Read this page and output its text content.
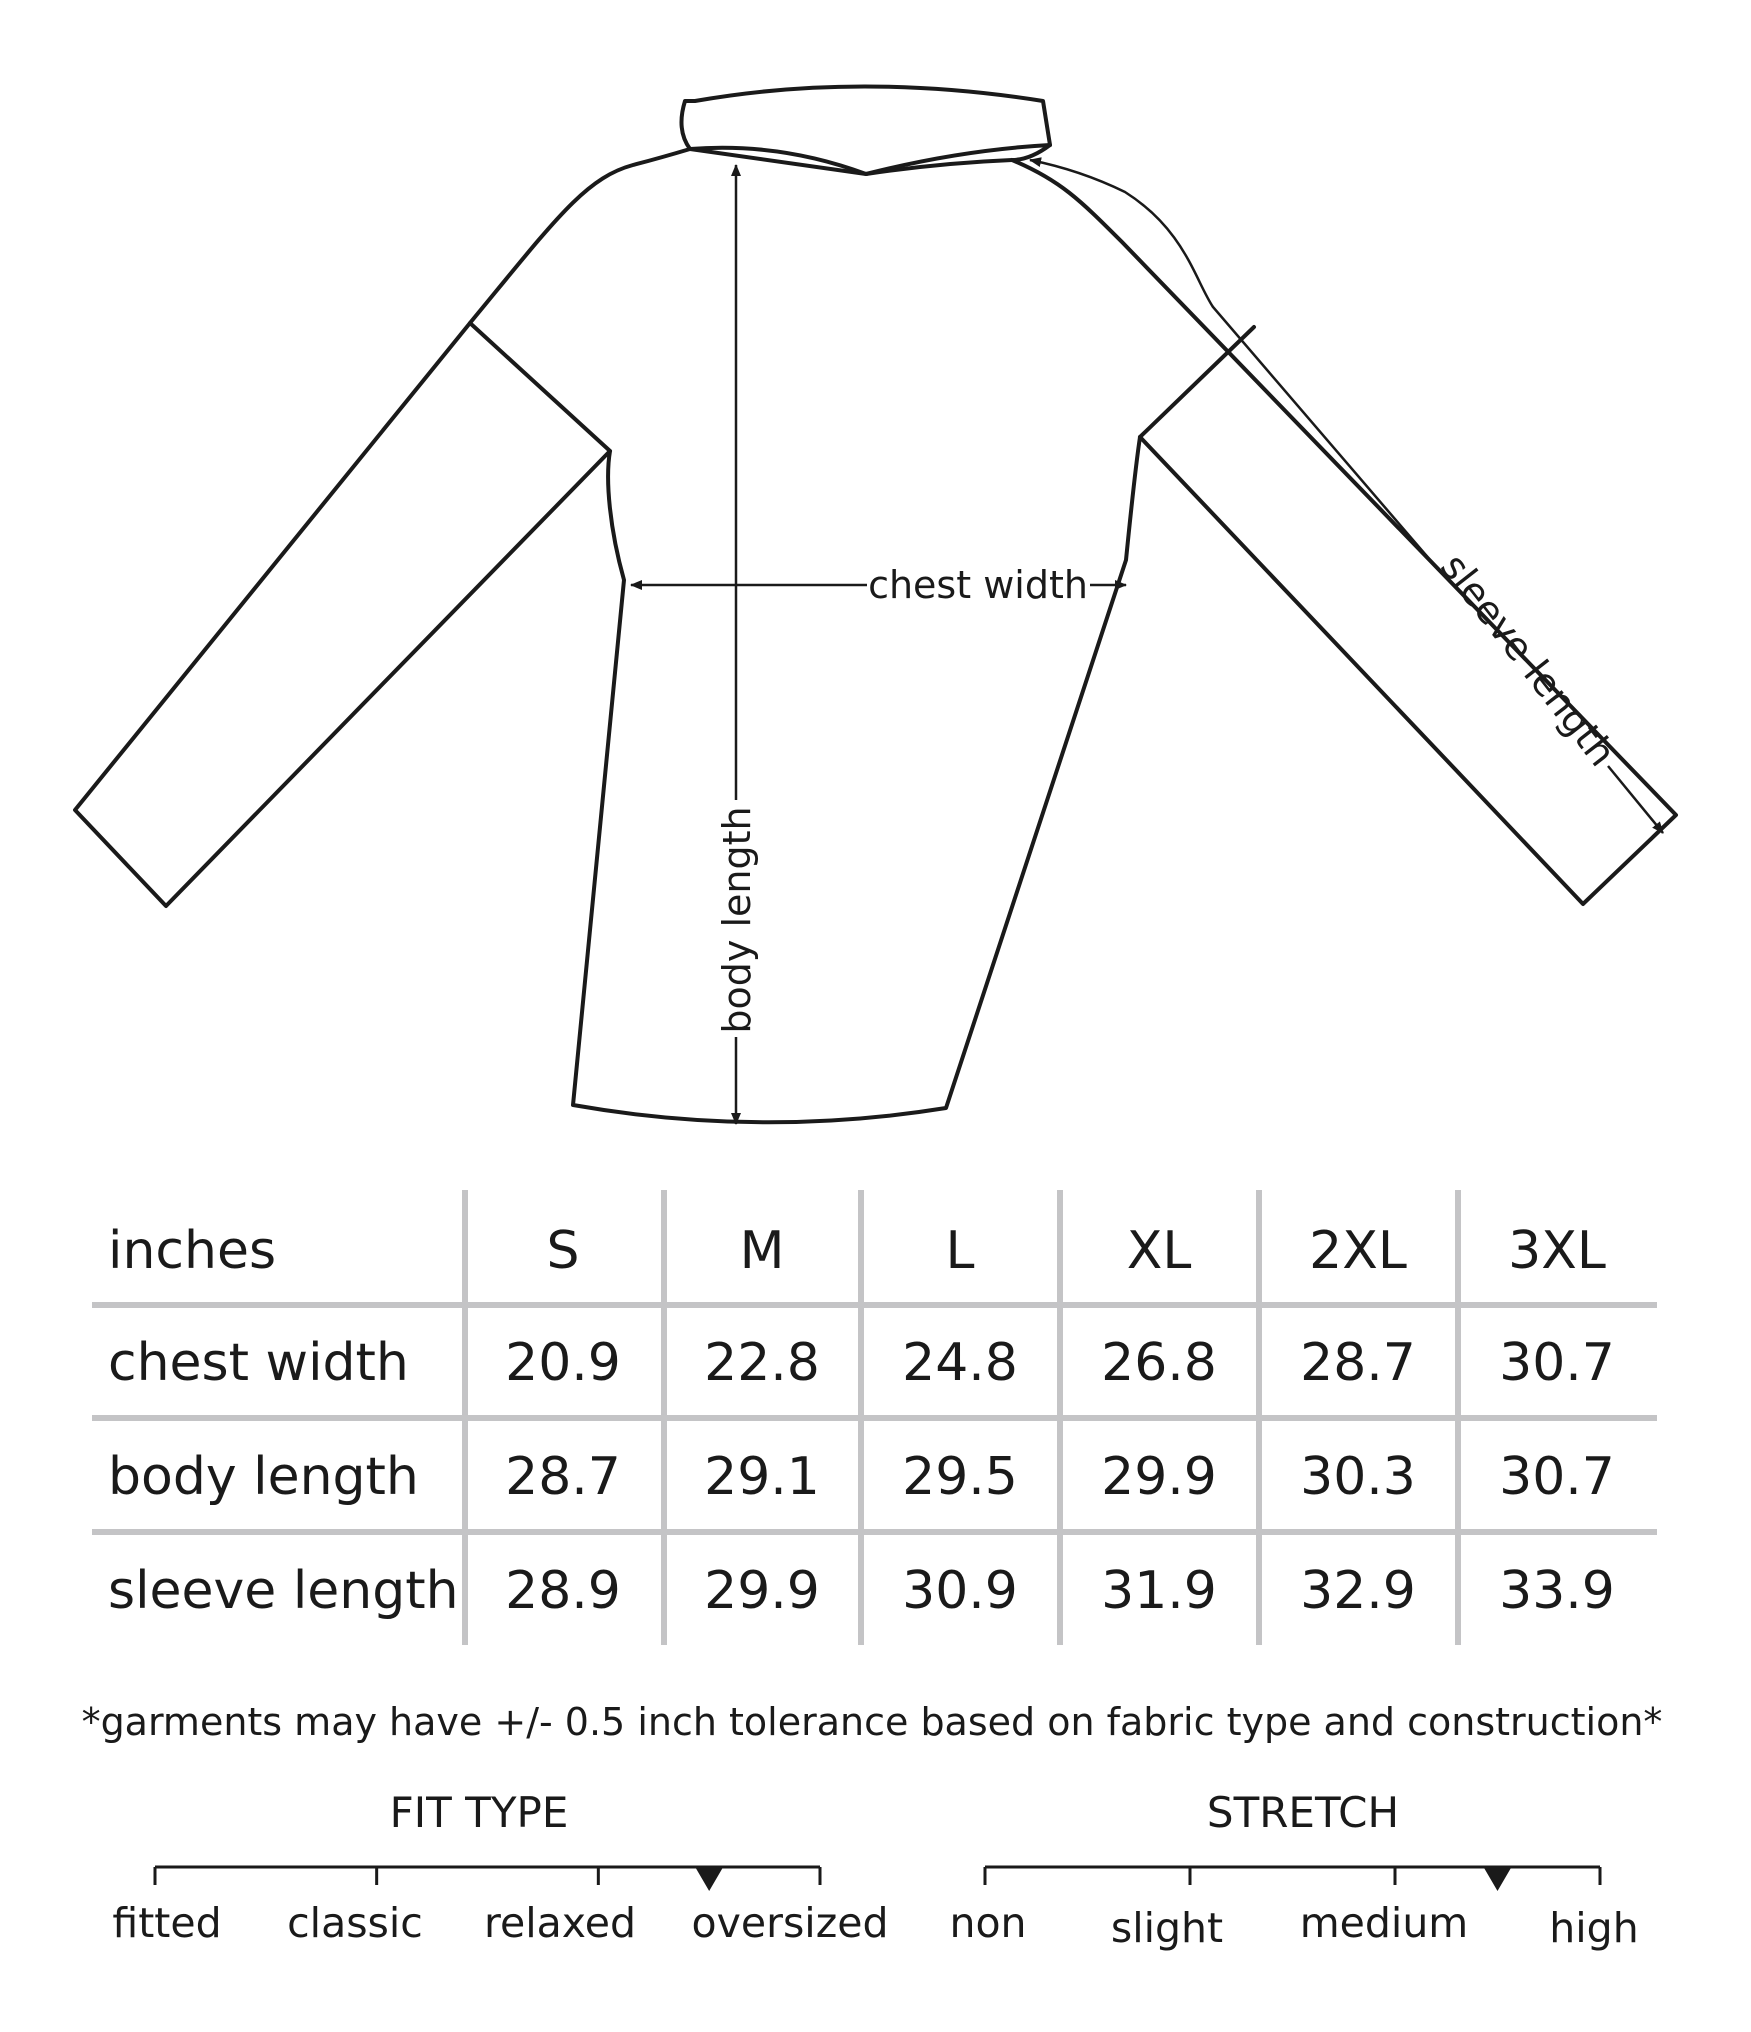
chest width
body length
sleeve length
inches	S	M	L	XL 2XL 3XL
chest width 20.9 22.8 24.8 26.8 28.7 30.7
body length 28.7 29.1 29.5 29.9 30.3 30.7
sleeve length 28.9 29.9 30.9 31.9 32.9 33.9
*garments may have +/- 0.5 inch tolerance based on fabric type and construction*
FIT TYPE
fitted classic relaxed oversized
STRETCH
non slight medium high
